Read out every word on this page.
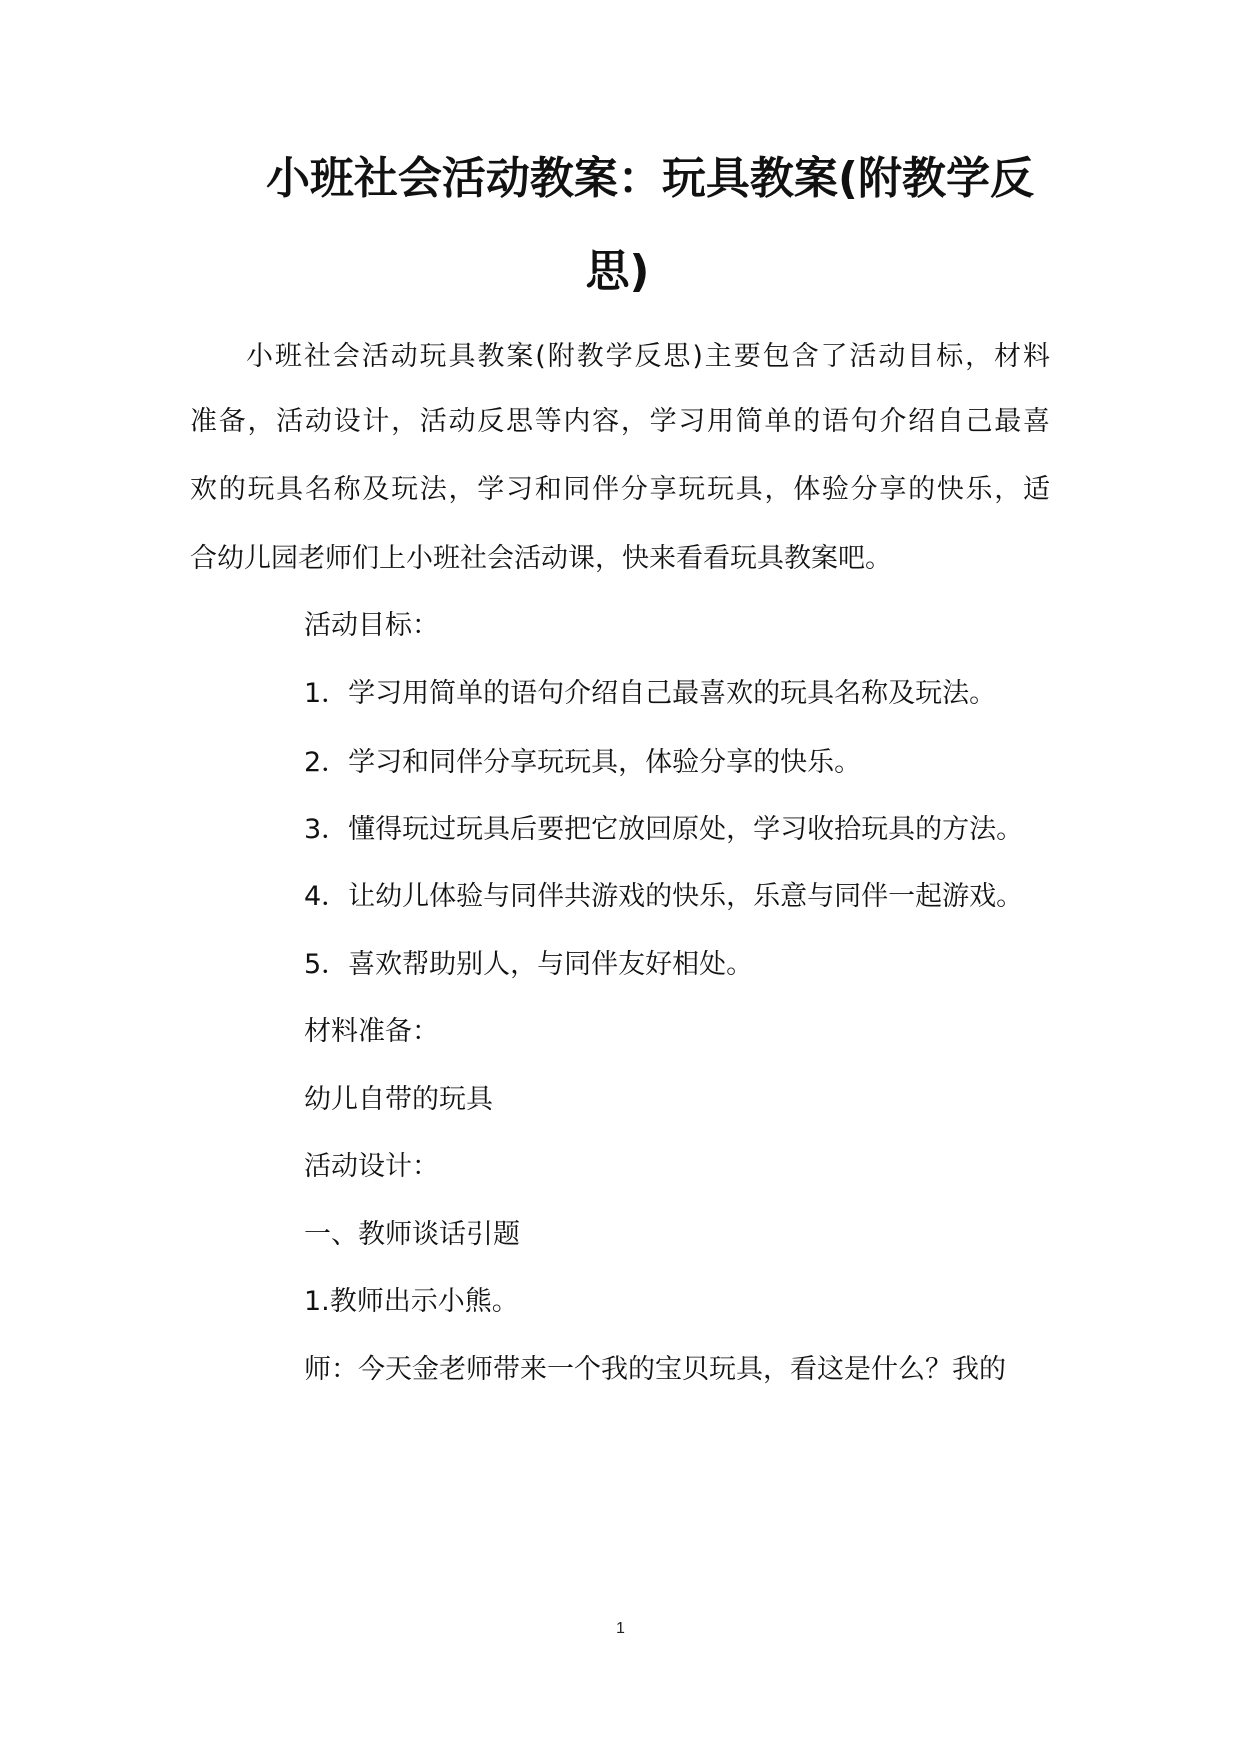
小班社会活动教案：玩具教案(附教学反
思)

小班社会活动玩具教案(附教学反思)主要包含了活动目标，材料

准备，活动设计，活动反思等内容，学习用简单的语句介绍自己最喜

欢的玩具名称及玩法，学习和同伴分享玩玩具，体验分享的快乐，适

合幼儿园老师们上小班社会活动课，快来看看玩具教案吧。

活动目标：

1．学习用简单的语句介绍自己最喜欢的玩具名称及玩法。

2．学习和同伴分享玩玩具，体验分享的快乐。

3．懂得玩过玩具后要把它放回原处，学习收拾玩具的方法。

4．让幼儿体验与同伴共游戏的快乐，乐意与同伴一起游戏。

5．喜欢帮助别人，与同伴友好相处。

材料准备：

幼儿自带的玩具

活动设计：

一、教师谈话引题

1.教师出示小熊。

师：今天金老师带来一个我的宝贝玩具，看这是什么？我的

1
